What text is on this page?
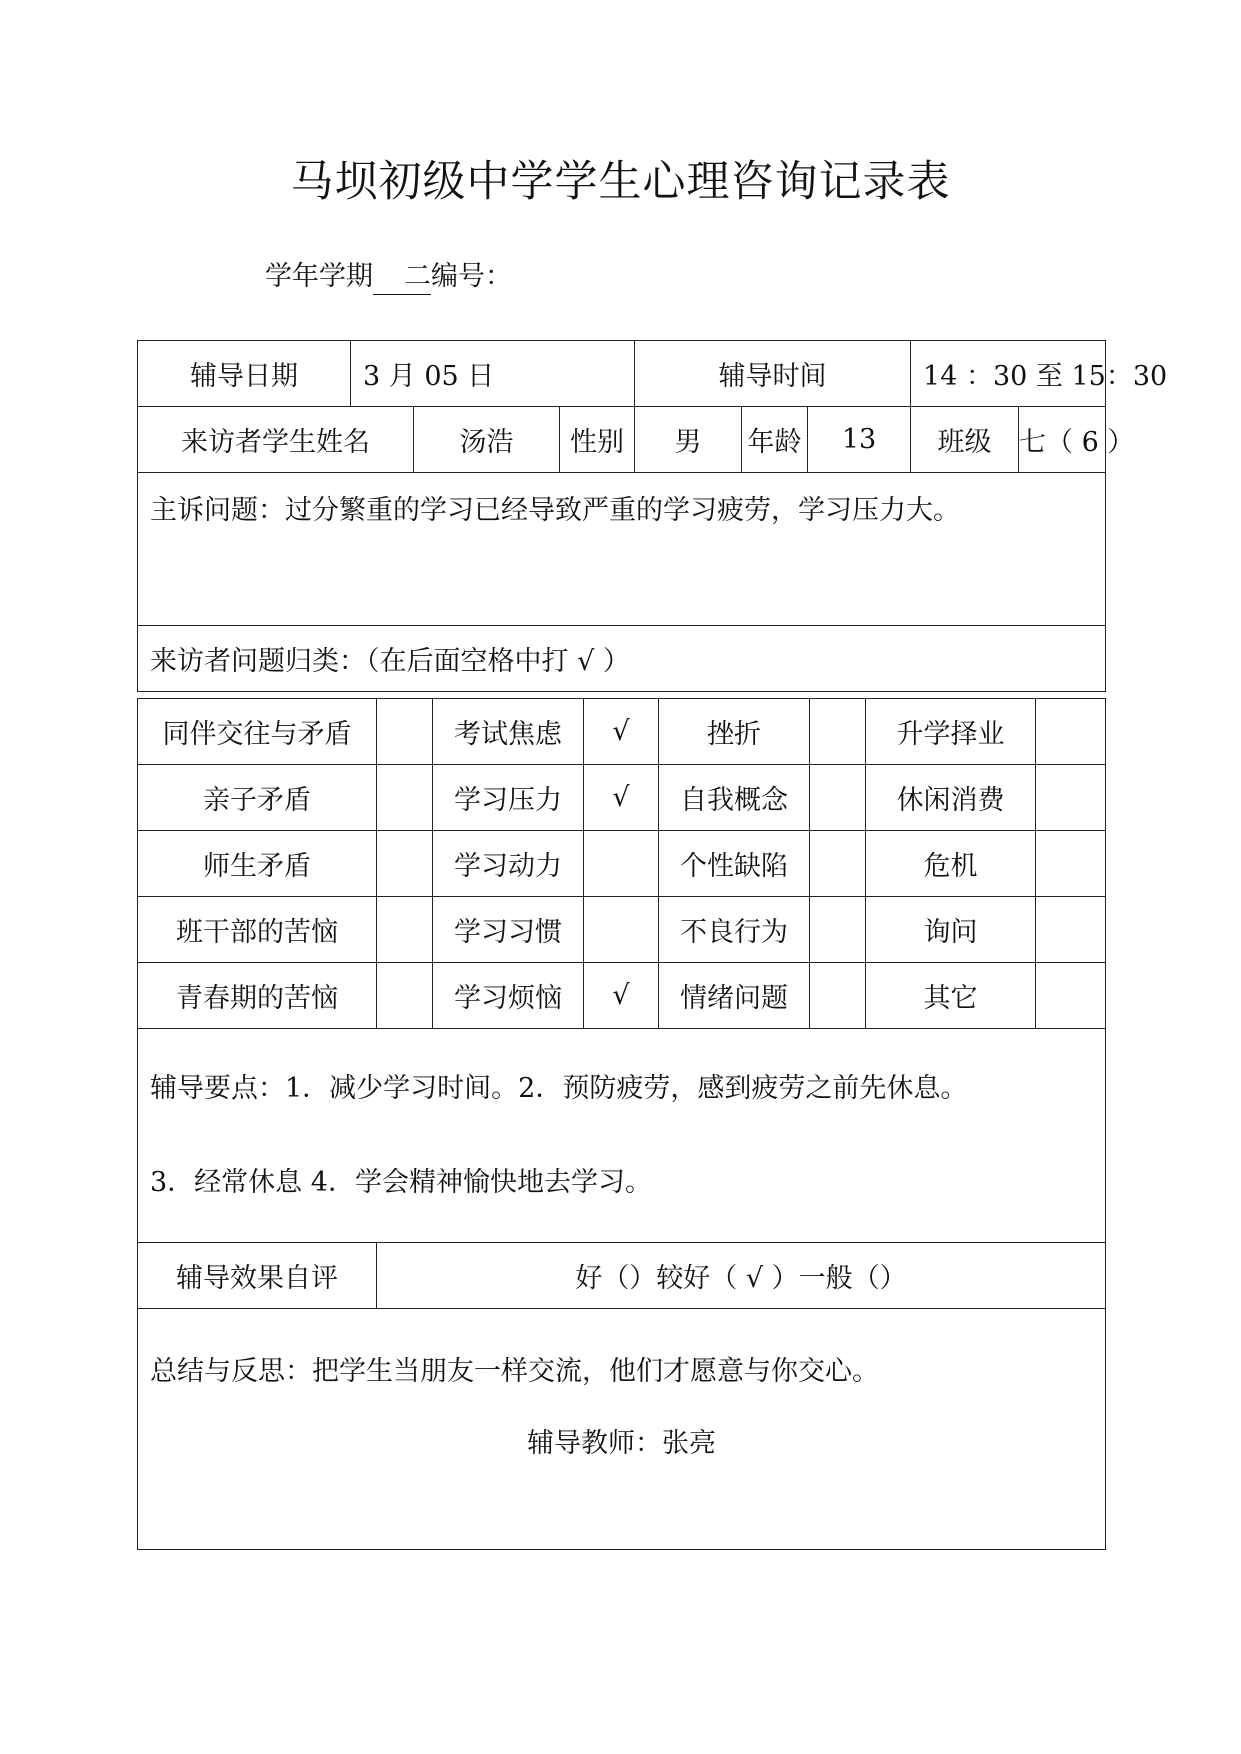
马坝初级中学学生心理咨询记录表
学年学期 二编号：
辅导日期	3 月 05 日			辅导时间			14 ：30 至 15：30	
来访者学生姓名		汤浩	性别	男	年龄	13	班级	七（ 6 ）

主诉问题：过分繁重的学习已经导致严重的学习疲劳，学习压力大。								

来访者问题归类：（在后面空格中打 √ ）								
同伴交往与矛盾		考试焦虑	√	挫折		升学择业	
亲子矛盾		学习压力	√	自我概念		休闲消费	
师生矛盾		学习动力		个性缺陷		危机	
班干部的苦恼		学习习惯		不良行为		询问	
青春期的苦恼		学习烦恼	√	情绪问题		其它	

辅导要点：1．减少学习时间。2．预防疲劳，感到疲劳之前先休息。
3．经常休息 4．学会精神愉快地去学习。							

辅导效果自评	好（）较好（ √ ）一般（）						

总结与反思：把学生当朋友一样交流，他们才愿意与你交心。
辅导教师：张亮							
